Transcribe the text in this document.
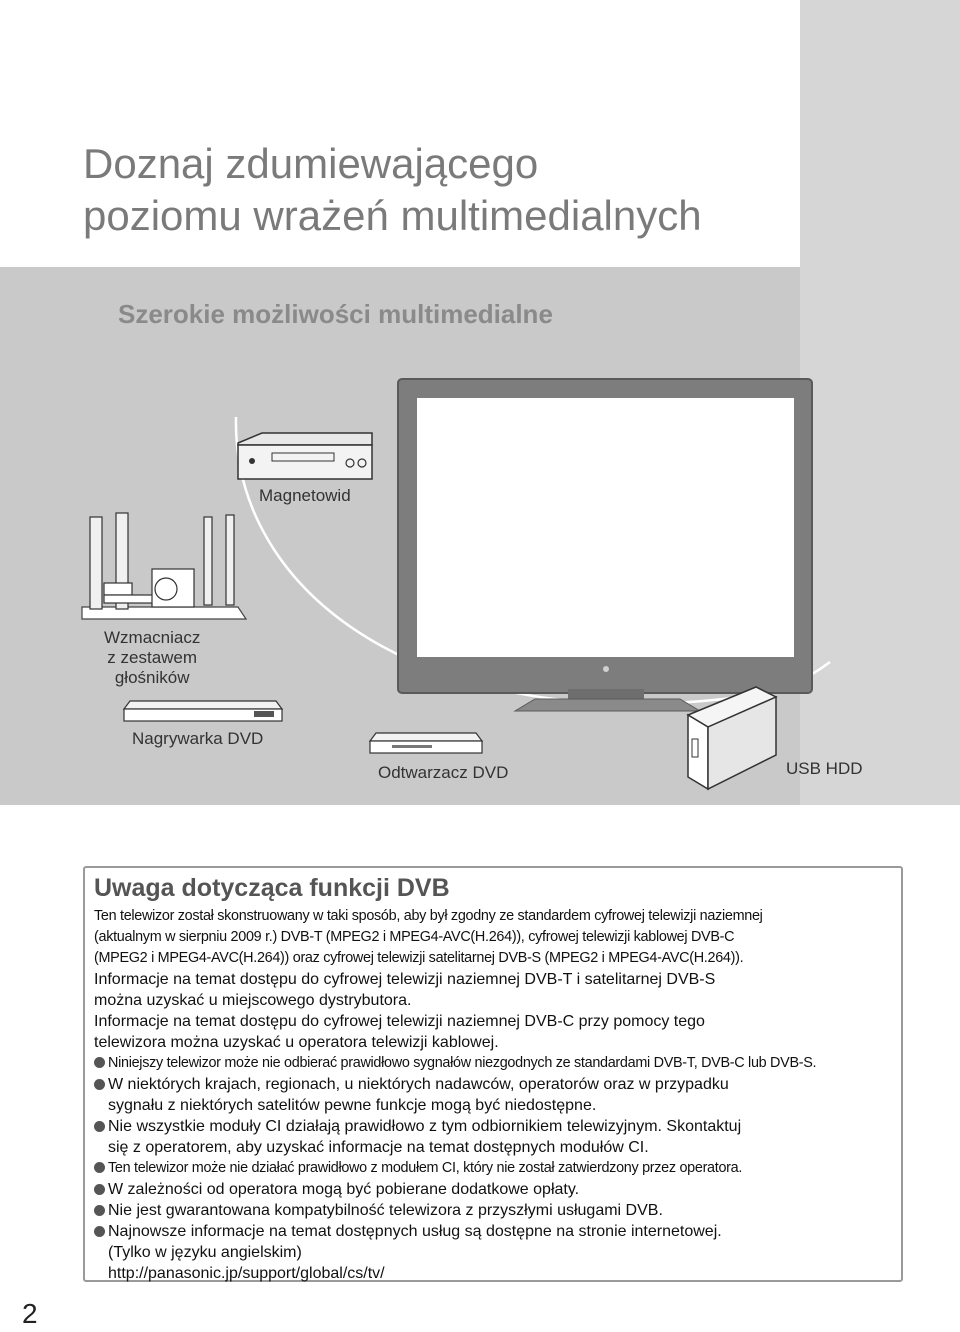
Doznaj zdumiewającego
poziomu wrażeń multimedialnych
Szerokie możliwości multimedialne
Magnetowid
Wzmacniacz
z zestawem
głośników
Nagrywarka DVD
Odtwarzacz DVD	USB HDD
Uwaga dotycząca funkcji DVB

Ten telewizor został skonstruowany w taki sposób, aby był zgodny ze standardem cyfrowej telewizji naziemnej
(aktualnym w sierpniu 2009 r.) DVB-T (MPEG2 i MPEG4-AVC(H.264)), cyfrowej telewizji kablowej DVB-C
(MPEG2 i MPEG4-AVC(H.264)) oraz cyfrowej telewizji satelitarnej DVB-S (MPEG2 i MPEG4-AVC(H.264)).

Informacje na temat dostępu do cyfrowej telewizji naziemnej DVB-T i satelitarnej DVB-S
można uzyskać u miejscowego dystrybutora.

Informacje na temat dostępu do cyfrowej telewizji naziemnej DVB-C przy pomocy tego
telewizora można uzyskać u operatora telewizji kablowej.

Niniejszy telewizor może nie odbierać prawidłowo sygnałów niezgodnych ze standardami DVB-T, DVB-C lub DVB-S.

W niektórych krajach, regionach, u niektórych nadawców, operatorów oraz w przypadku
sygnału z niektórych satelitów pewne funkcje mogą być niedostępne.

Nie wszystkie moduły CI działają prawidłowo z tym odbiornikiem telewizyjnym. Skontaktuj
się z operatorem, aby uzyskać informacje na temat dostępnych modułów CI.

Ten telewizor może nie działać prawidłowo z modułem CI, który nie został zatwierdzony przez operatora.

W zależności od operatora mogą być pobierane dodatkowe opłaty.

Nie jest gwarantowana kompatybilność telewizora z przyszłymi usługami DVB.

Najnowsze informacje na temat dostępnych usług są dostępne na stronie internetowej.
(Tylko w języku angielskim)
http://panasonic.jp/support/global/cs/tv/

2
